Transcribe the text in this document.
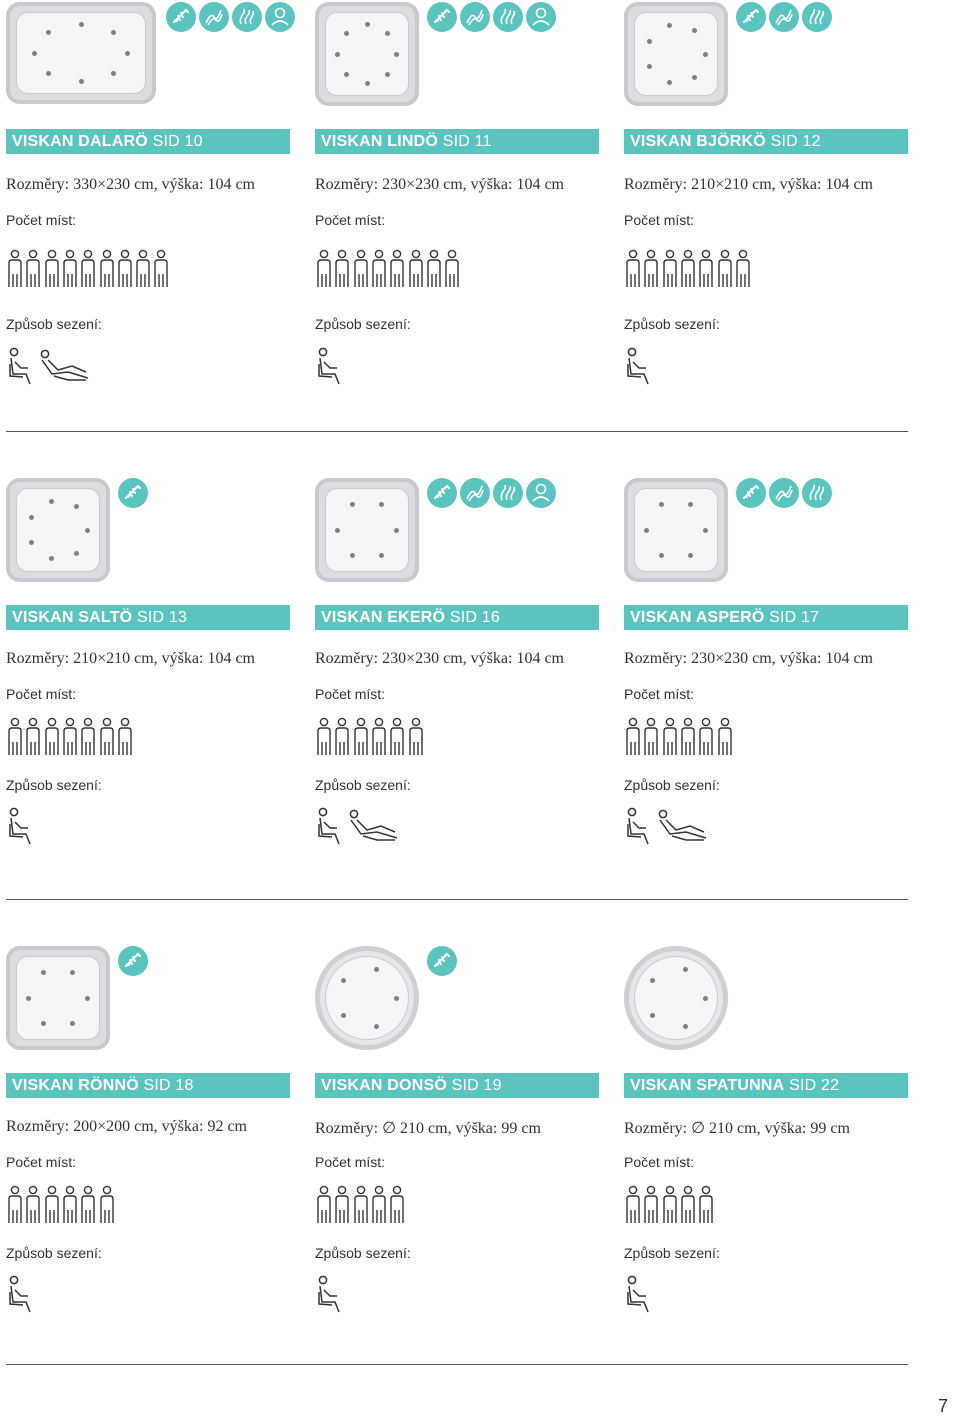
VISKAN DALARÖ SID 10
Rozměry: 330×230 cm, výška: 104 cm
Počet míst:
Způsob sezení:
VISKAN LINDÖ SID 11
Rozměry: 230×230 cm, výška: 104 cm
Počet míst:
Způsob sezení:
VISKAN BJÖRKÖ SID 12
Rozměry: 210×210 cm, výška: 104 cm
Počet míst:
Způsob sezení:
VISKAN SALTÖ SID 13
Rozměry: 210×210 cm, výška: 104 cm
Počet míst:
Způsob sezení:
VISKAN EKERÖ SID 16
Rozměry: 230×230 cm, výška: 104 cm
Počet míst:
Způsob sezení:
VISKAN ASPERÖ SID 17
Rozměry: 230×230 cm, výška: 104 cm
Počet míst:
Způsob sezení:
VISKAN RÖNNÖ SID 18
Rozměry: 200×200 cm, výška: 92 cm
Počet míst:
Způsob sezení:
VISKAN DONSÖ SID 19
Rozměry: ∅ 210 cm, výška: 99 cm
Počet míst:
Způsob sezení:
VISKAN SPATUNNA SID 22
Rozměry: ∅ 210 cm, výška: 99 cm
Počet míst:
Způsob sezení:
7
